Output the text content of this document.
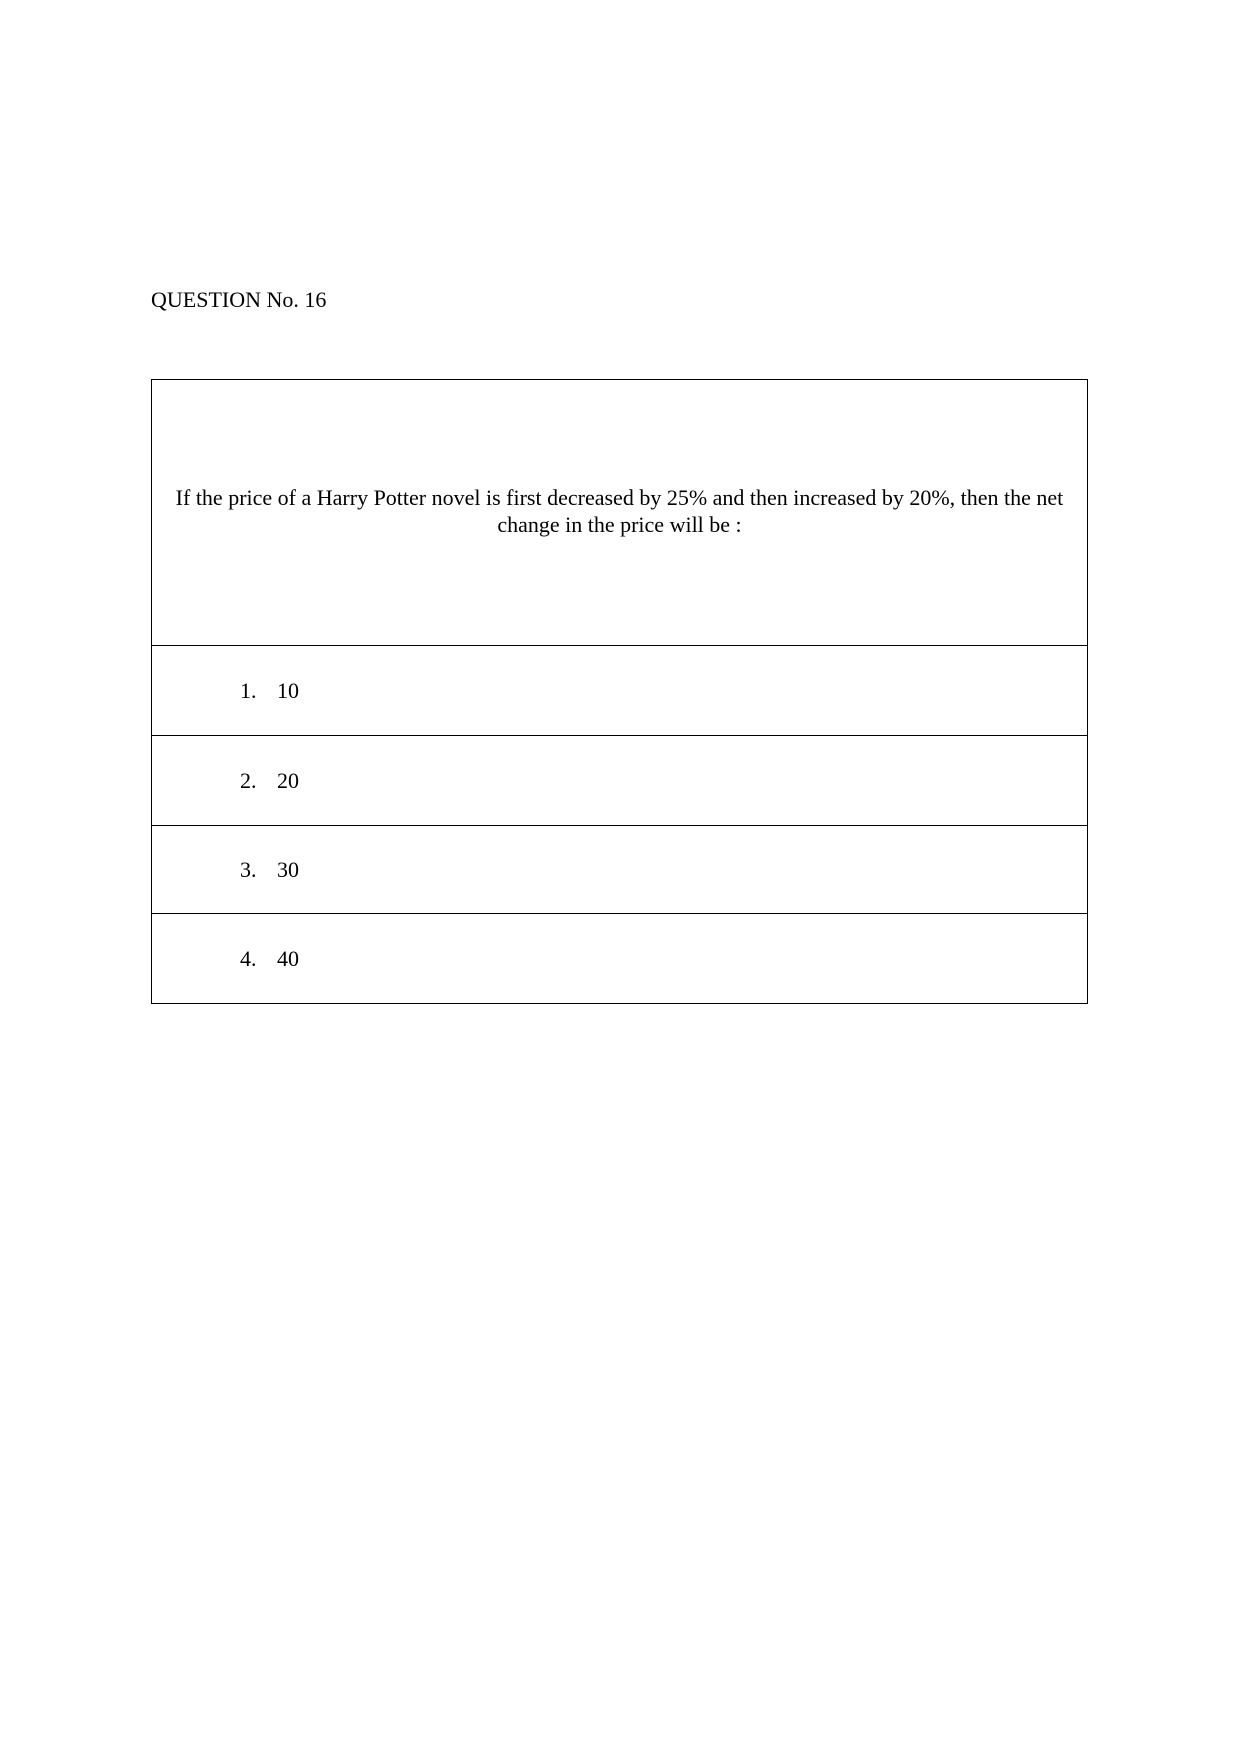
QUESTION No. 16
If the price of a Harry Potter novel is first decreased by 25% and then increased by 20%, then the net change in the price will be :

1. 10

2. 20

3. 30

4. 40
